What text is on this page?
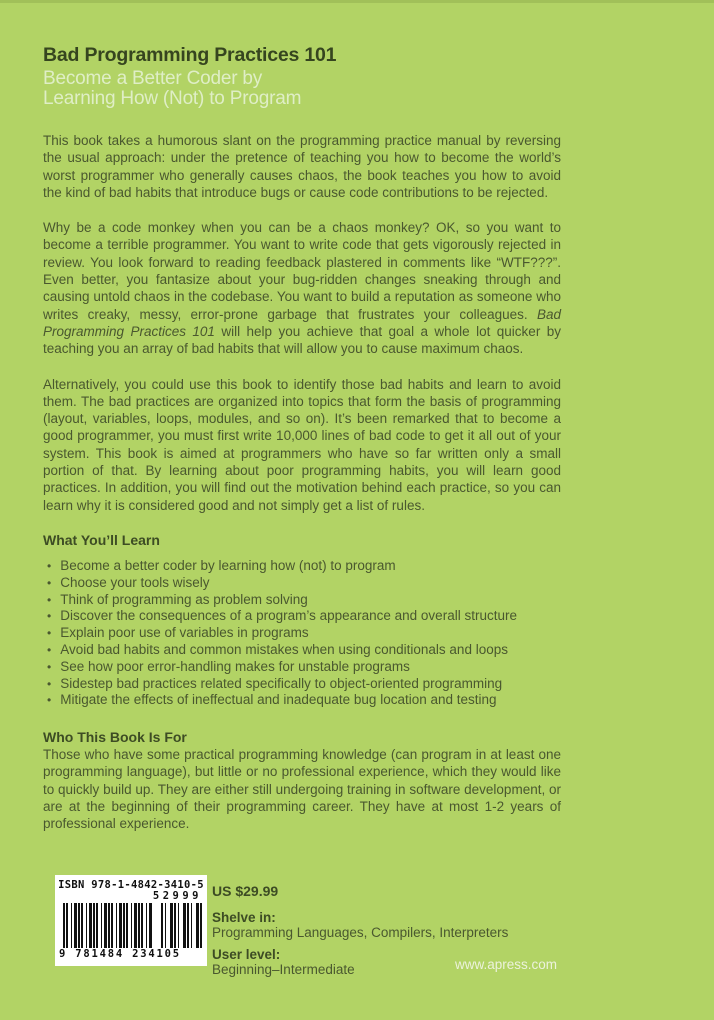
Bad Programming Practices 101
Become a Better Coder by
Learning How (Not) to Program

This book takes a humorous slant on the programming practice manual by reversing the usual approach: under the pretence of teaching you how to become the world’s worst programmer who generally causes chaos, the book teaches you how to avoid the kind of bad habits that introduce bugs or cause code contributions to be rejected.

Why be a code monkey when you can be a chaos monkey? OK, so you want to become a terrible programmer. You want to write code that gets vigorously rejected in review. You look forward to reading feedback plastered in comments like “WTF???”. Even better, you fantasize about your bug-ridden changes sneaking through and causing untold chaos in the codebase. You want to build a reputation as someone who writes creaky, messy, error-prone garbage that frustrates your colleagues. Bad Programming Practices 101 will help you achieve that goal a whole lot quicker by teaching you an array of bad habits that will allow you to cause maximum chaos.

Alternatively, you could use this book to identify those bad habits and learn to avoid them. The bad practices are organized into topics that form the basis of programming (layout, variables, loops, modules, and so on). It’s been remarked that to become a good programmer, you must first write 10,000 lines of bad code to get it all out of your system. This book is aimed at programmers who have so far written only a small portion of that. By learning about poor programming habits, you will learn good practices. In addition, you will find out the motivation behind each practice, so you can learn why it is considered good and not simply get a list of rules.

What You’ll Learn
• Become a better coder by learning how (not) to program
• Choose your tools wisely
• Think of programming as problem solving
• Discover the consequences of a program’s appearance and overall structure
• Explain poor use of variables in programs
• Avoid bad habits and common mistakes when using conditionals and loops
• See how poor error-handling makes for unstable programs
• Sidestep bad practices related specifically to object-oriented programming
• Mitigate the effects of ineffectual and inadequate bug location and testing
Who This Book Is For

Those who have some practical programming knowledge (can program in at least one programming language), but little or no professional experience, which they would like to quickly build up. They are either still undergoing training in software development, or are at the beginning of their programming career. They have at most 1-2 years of professional experience.

ISBN 978-1-4842-3410-5
52999
9 781484 234105
US $29.99
Shelve in:
Programming Languages, Compilers, Interpreters
User level:
Beginning–Intermediate	www.apress.com
